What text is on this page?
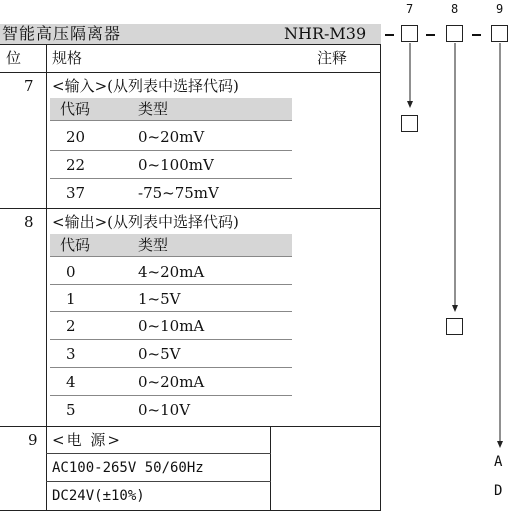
智能高压隔离器	NHR-M39
7	8	9
位 规格	注释
7 <输入>(从列表中选择代码)
代码	类型
20	0~20mV
22	0~100mV
37	-75~75mV
8 <输出>(从列表中选择代码)
代码	类型
0	4~20mA
1	1~5V
2	0~10mA
3	0~5V
4	0~20mA
5	0~10V
9 <电 源>
AC100-265V 50/60Hz
DC24V(±10%)
A
D
